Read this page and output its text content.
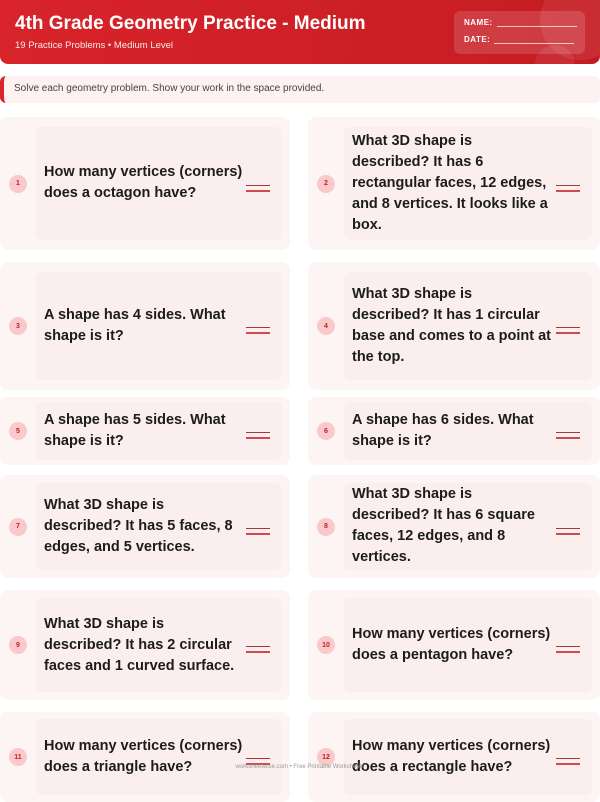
4th Grade Geometry Practice - Medium
19 Practice Problems • Medium Level
NAME:
DATE:
Solve each geometry problem. Show your work in the space provided.
1
How many vertices (corners) does a octagon have?
2
What 3D shape is described? It has 6 rectangular faces, 12 edges, and 8 vertices. It looks like a box.
3
A shape has 4 sides. What shape is it?
4
What 3D shape is described? It has 1 circular base and comes to a point at the top.
5
A shape has 5 sides. What shape is it?
6
A shape has 6 sides. What shape is it?
7
What 3D shape is described? It has 5 faces, 8 edges, and 5 vertices.
8
What 3D shape is described? It has 6 square faces, 12 edges, and 8 vertices.
9
What 3D shape is described? It has 2 circular faces and 1 curved surface.
10
How many vertices (corners) does a pentagon have?
11
How many vertices (corners) does a triangle have?
12
How many vertices (corners) does a rectangle have?
worksheetwise.com • Free Printable Worksheets
